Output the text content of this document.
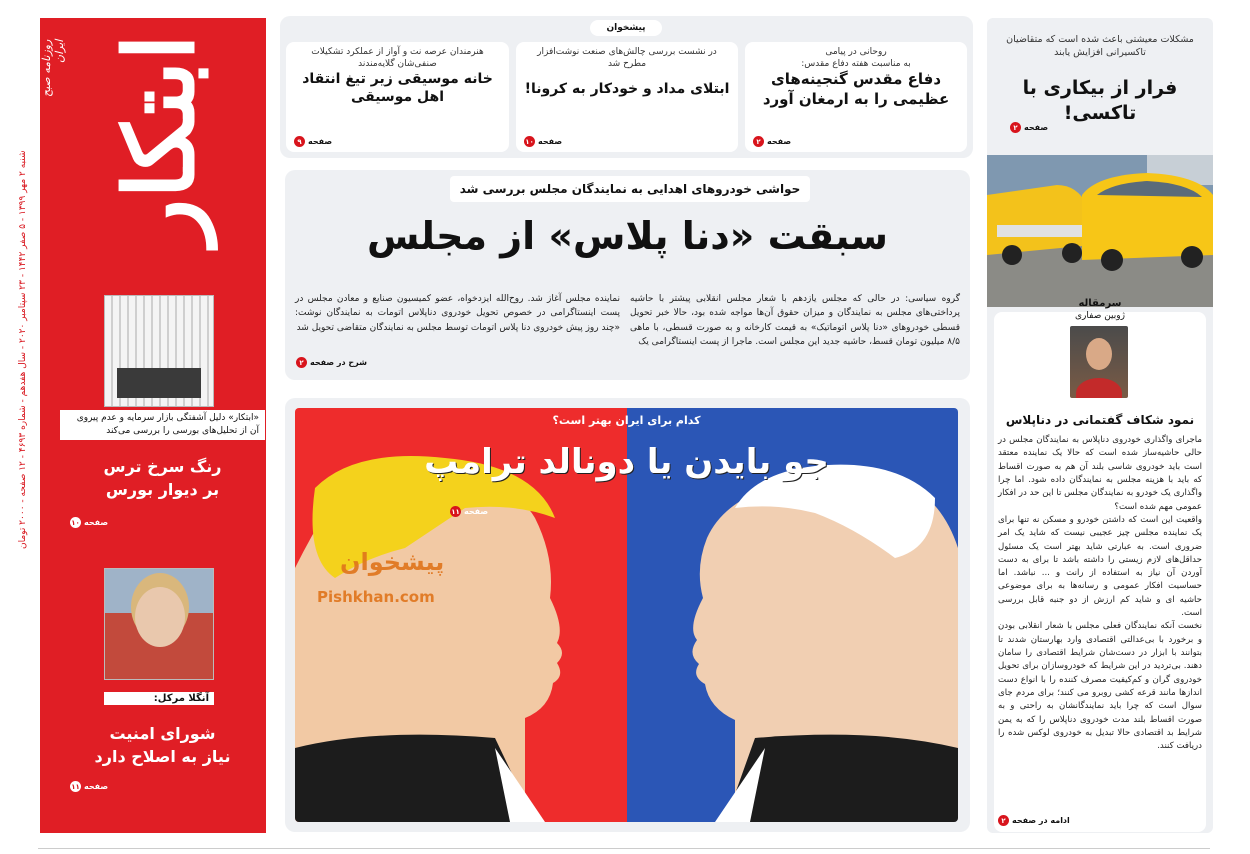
شنبه ۲ مهر ۱۳۹۹ - ۵ صفر ۱۴۴۲ - ۲۳ سپتامبر ۲۰۲۰ - سال هفدهم - شماره ۴۶۹۳ - ۱۲ صفحه - ۲۰۰۰ تومان ابتکار
روزنامه صبح ایران
«ابتکار» دلیل آشفتگی بازار سرمایه و عدم پیروی آن از تحلیل‌های بورسی را بررسی می‌کند
رنگ سرخ ترس
بر دیوار بورس
صفحه
۱۰
آنگلا مرکل:
شورای امنیت
نیاز به اصلاح دارد
صفحه
۱۱
پیشخوان
روحانی در پیامی
به مناسبت هفته دفاع مقدس:
دفاع مقدس گنجینه‌های
عظیمی را به ارمغان آورد
صفحه
۲
در نشست بررسی چالش‌های صنعت نوشت‌افزار
مطرح شد
ابتلای مداد و خودکار به کرونا!
صفحه
۱۰
هنرمندان عرصه نت و آواز از عملکرد تشکیلات
صنفی‌شان گلایه‌مندند
خانه موسیقی زیر تیغ انتقاد
اهل موسیقی
صفحه
۹
حواشی خودروهای اهدایی به نمایندگان مجلس بررسی شد
سبقت «دنا پلاس» از مجلس
گروه سیاسی: در حالی که مجلس یازدهم با شعار مجلس انقلابی پیشتر با حاشیه پرداختی‌های مجلس به نمایندگان و میزان حقوق آن‌ها مواجه شده بود، حالا خبر تحویل قسطی خودروهای «دنا پلاس اتوماتیک» به قیمت کارخانه و به صورت قسطی، با ماهی ۸/۵ میلیون تومان قسط، حاشیه جدید این مجلس است. ماجرا از پست اینستاگرامی یک
نماینده مجلس آغاز شد. روح‌الله ایزدخواه، عضو کمیسیون صنایع و معادن مجلس در پست اینستاگرامی در خصوص تحویل خودروی دناپلاس اتومات به نمایندگان نوشت: «چند روز پیش خودروی دنا پلاس اتومات توسط مجلس به نمایندگان متقاضی تحویل شد
شرح در صفحه
۲
کدام برای ایران بهتر است؟
جو بایدن یا دونالد ترامپ
صفحه
۱۱
پیشخوان
Pishkhan.com
مشکلات معیشتی باعث شده است که متقاضیان تاکسیرانی افزایش یابند
فرار از بیکاری با تاکسی!
صفحه
۲
سرمقاله
ژوبین صفاری
نمود شکاف گفتمانی در دناپلاس

ماجرای واگذاری خودروی دناپلاس به نمایندگان مجلس در حالی حاشیه‌ساز شده است که حالا یک نماینده معتقد است باید خودروی شاسی بلند آن هم به صورت اقساط که باید با هزینه مجلس به نمایندگان داده شود. اما چرا واگذاری یک خودرو به نمایندگان مجلس تا این حد در افکار عمومی مهم شده است؟

واقعیت این است که داشتن خودرو و مسکن نه تنها برای یک نماینده مجلس چیز عجیبی نیست که شاید یک امر ضروری است. به عبارتی شاید بهتر است یک مسئول حداقل‌های لازم زیستی را داشته باشد تا برای به دست آوردن آن نیاز به استفاده از رانت و ... نباشد. اما حساسیت افکار عمومی و رسانه‌ها به برای موضوعی حاشیه ای و شاید کم ارزش از دو جنبه قابل بررسی است.

نخست آنکه نمایندگان فعلی مجلس با شعار انقلابی بودن و برخورد با بی‌عدالتی اقتصادی وارد بهارستان شدند تا بتوانند با ابزار در دست‌شان شرایط اقتصادی را سامان دهند. بی‌تردید در این شرایط که خودروسازان برای تحویل خودروی گران و کم‌کیفیت مصرف کننده را با انواع دست اندازها مانند قرعه کشی روبرو می کنند؛ برای مردم جای سوال است که چرا باید نمایندگانشان به راحتی و به صورت اقساط بلند مدت خودروی دناپلاس را که به یمن شرایط بد اقتصادی حالا تبدیل به خودروی لوکس شده را دریافت کنند.

ادامه در صفحه
۲
